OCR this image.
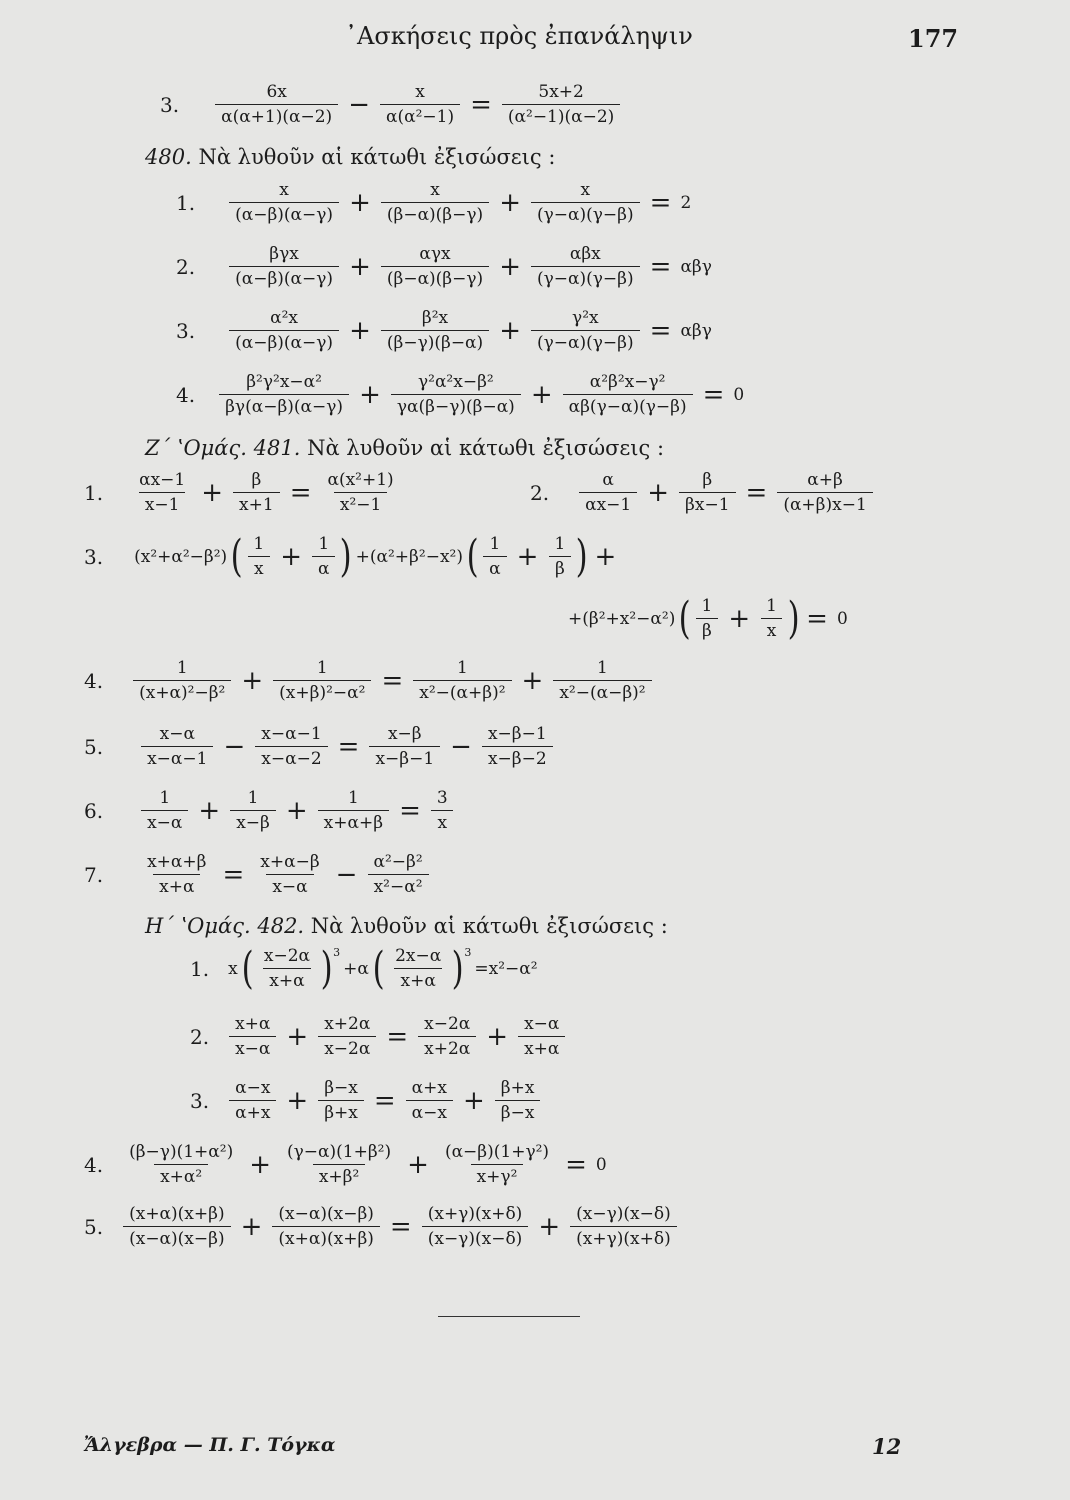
᾿Ασκήσεις πρὸς ἐπανάληψιν	177
3. $\frac{6x}{\alpha(\alpha+1)(\alpha-2)} - \frac{x}{\text{α(α²−1)}} = \frac{5x+2}{\text{(α²−1)(α−2)}}$
480. Νὰ λυθοῦν αἱ κάτωθι ἐξισώσεις :
1. $\frac{x}{(\alpha-\beta)(\alpha-\gamma)} + \frac{x}{(\beta-\alpha)(\beta-\gamma)} + \frac{x}{(\gamma-\alpha)(\gamma-\beta)} = 2$
2. $\frac{\text{βγx}}{(\alpha-\beta)(\alpha-\gamma)} + \frac{\text{αγx}}{(\beta-\alpha)(\beta-\gamma)} + \frac{\text{αβx}}{(\gamma-\alpha)(\gamma-\beta)} = \alpha\beta\gamma$
3. $\frac{\text{α²x}}{(\alpha-\beta)(\alpha-\gamma)} + \frac{\text{β²x}}{(\beta-\gamma)(\beta-\alpha)} + \frac{\text{γ²x}}{(\gamma-\alpha)(\gamma-\beta)} = \alpha\beta\gamma$
4. $\frac{\text{β²γ²x−α²}}{\beta\gamma(\alpha-\beta)(\alpha-\gamma)} + \frac{\text{γ²α²x−β²}}{\gamma\alpha(\beta-\gamma)(\beta-\alpha)} + \frac{\text{α²β²x−γ²}}{\alpha\beta(\gamma-\alpha)(\gamma-\beta)} = 0$
Ζ΄ ʽΟμάς. 481. Νὰ λυθοῦν αἱ κάτωθι ἐξισώσεις :
1. $\frac{\alpha x-1}{x-1} + \frac{\beta}{x+1} = \frac{\text{α(x²+1)}}{\text{x²−1}}$	2. $\frac{\alpha}{\alpha x-1} + \frac{\beta}{\beta x-1} = \frac{\alpha+\beta}{(\alpha+\beta)x-1}$
3. (x²+α²−β²) ( $\frac{1}{x} + \frac{1}{\alpha}$ ) +(α²+β²−x²) ( $\frac{1}{\alpha} + \frac{1}{\beta}$ ) +
+(β²+x²−α²) ( $\frac{1}{\beta} + \frac{1}{x}$ ) = 0
4. $\frac{1}{\text{(x+α)²−β²}} + \frac{1}{\text{(x+β)²−α²}} = \frac{1}{\text{x²−(α+β)²}} + \frac{1}{\text{x²−(α−β)²}}$
5. $\frac{x-\alpha}{x-\alpha-1} - \frac{x-\alpha-1}{x-\alpha-2} = \frac{x-\beta}{x-\beta-1} - \frac{x-\beta-1}{x-\beta-2}$
6. $\frac{1}{x-\alpha} + \frac{1}{x-\beta} + \frac{1}{x+\alpha+\beta} = \frac{3}{x}$
7. $\frac{x+\alpha+\beta}{x+\alpha} = \frac{x+\alpha-\beta}{x-\alpha} - \frac{\text{α²−β²}}{\text{x²−α²}}$
Η΄ ʽΟμάς. 482. Νὰ λυθοῦν αἱ κάτωθι ἐξισώσεις :
1. x ( $\frac{x-2\alpha}{x+\alpha} )^3$
+α ( $\frac{2x-\alpha}{x+\alpha} )^3$
=x²−α²
2. $\frac{x+\alpha}{x-\alpha} + \frac{x+2\alpha}{x-2\alpha} = \frac{x-2\alpha}{x+2\alpha} + \frac{x-\alpha}{x+\alpha}$
3. $\frac{\alpha-x}{\alpha+x} + \frac{\beta-x}{\beta+x} = \frac{\alpha+x}{\alpha-x} + \frac{\beta+x}{\beta-x}$
4. $\frac{\text{(β−γ)(1+α²)}}{\text{x+α²}} + \frac{\text{(γ−α)(1+β²)}}{\text{x+β²}} + \frac{\text{(α−β)(1+γ²)}}{\text{x+γ²}} = 0$
5. $\frac{(x+\alpha)(x+\beta)}{(x-\alpha)(x-\beta)} + \frac{(x-\alpha)(x-\beta)}{(x+\alpha)(x+\beta)} = \frac{(x+\gamma)(x+\delta)}{(x-\gamma)(x-\delta)} + \frac{(x-\gamma)(x-\delta)}{(x+\gamma)(x+\delta)}$
Ἄλγεβρα — Π. Γ. Τόγκα	12
